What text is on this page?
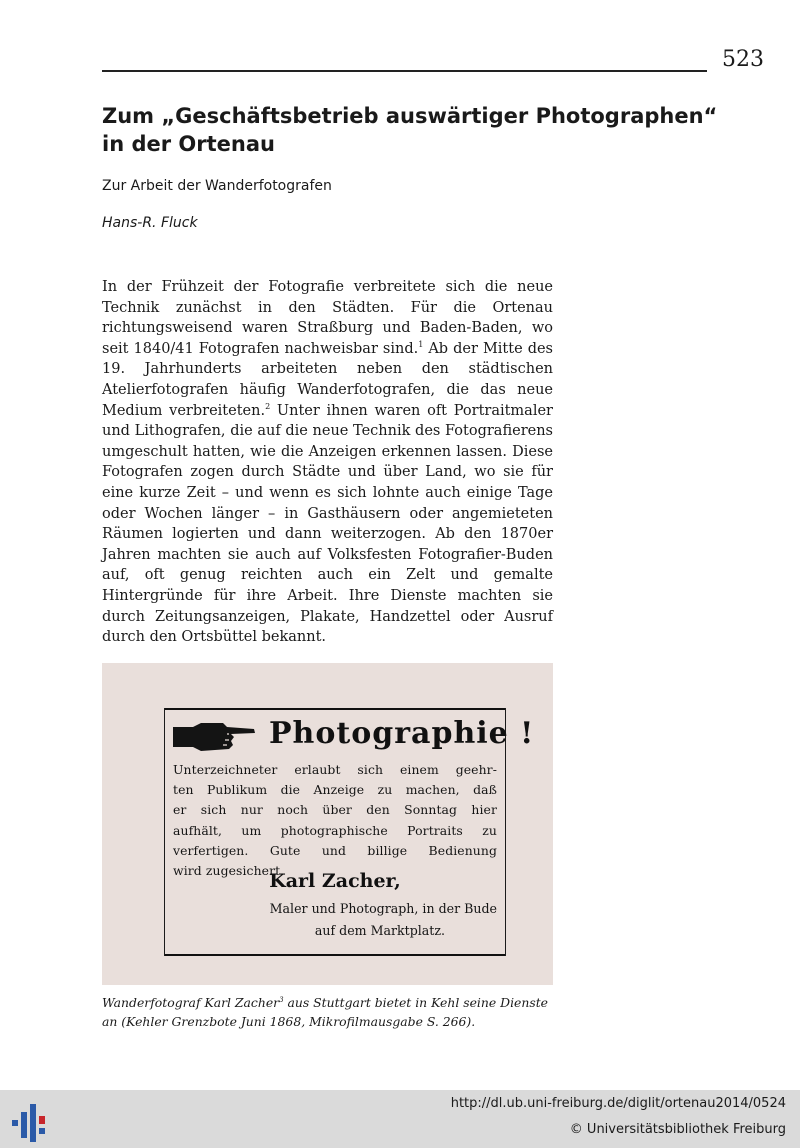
523
Zum „Geschäftsbetrieb auswärtiger Photographen“ in der Ortenau

Zur Arbeit der Wanderfotografen

Hans-R. Fluck

In der Frühzeit der Fotografie verbreitete sich die neue Technik zunächst in den Städten. Für die Ortenau richtungsweisend waren Straßburg und Baden-Baden, wo seit 1840/41 Fotografen nachweisbar sind.$^1$ Ab der Mitte des 19. Jahrhunderts arbeiteten neben den städtischen Atelierfotografen häufig Wanderfotografen, die das neue Medium verbreiteten.$^2$ Unter ihnen waren oft Portraitmaler und Lithografen, die auf die neue Technik des Fotografierens umgeschult hatten, wie die Anzeigen erkennen lassen. Diese Fotografen zogen durch Städte und über Land, wo sie für eine kurze Zeit – und wenn es sich lohnte auch einige Tage oder Wochen länger – in Gasthäusern oder angemieteten Räumen logierten und dann weiterzogen. Ab den 1870er Jahren machten sie auch auf Volksfesten Fotografier-Buden auf, oft genug reichten auch ein Zelt und gemalte Hintergründe für ihre Arbeit. Ihre Dienste machten sie durch Zeitungsanzeigen, Plakate, Handzettel oder Ausruf durch den Ortsbüttel bekannt.

Photographie !
Unterzeichneter erlaubt sich einem geehr-
ten Publikum die Anzeige zu machen, daß
er sich nur noch über den Sonntag hier
aufhält, um photographische Portraits zu
verfertigen. Gute und billige Bedienung
wird zugesichert.
Karl Zacher,
Maler und Photograph, in der Bude
auf dem Marktplatz.

Wanderfotograf Karl Zacher$^3$ aus Stuttgart bietet in Kehl seine Dienste an (Kehler Grenzbote Juni 1868, Mikrofilmausgabe S. 266).

http://dl.ub.uni-freiburg.de/diglit/ortenau2014/0524
© Universitätsbibliothek Freiburg
